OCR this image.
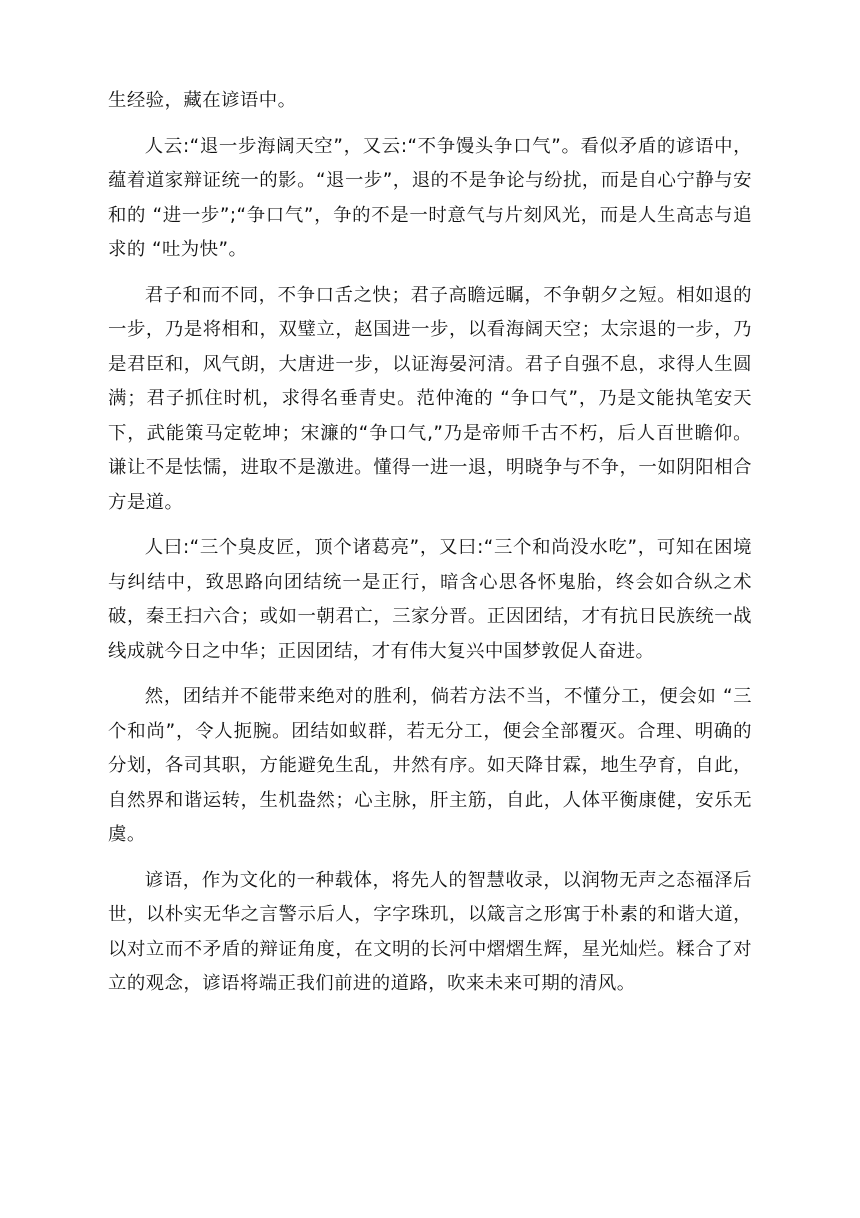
生经验，藏在谚语中。

人云:“退一步海阔天空”，又云:“不争馒头争口气”。看似矛盾的谚语中，蕴着道家辩证统一的影。“退一步”，退的不是争论与纷扰，而是自心宁静与安和的 “进一步”;“争口气”，争的不是一时意气与片刻风光，而是人生高志与追求的 “吐为快”。

君子和而不同，不争口舌之快；君子高瞻远瞩，不争朝夕之短。相如退的一步，乃是将相和，双璧立，赵国进一步，以看海阔天空；太宗退的一步，乃是君臣和，风气朗，大唐进一步，以证海晏河清。君子自强不息，求得人生圆满；君子抓住时机，求得名垂青史。范仲淹的 “争口气”，乃是文能执笔安天下，武能策马定乾坤；宋濂的“争口气,”乃是帝师千古不朽，后人百世瞻仰。谦让不是怯懦，进取不是激进。懂得一进一退，明晓争与不争，一如阴阳相合方是道。

人曰:“三个臭皮匠，顶个诸葛亮”，又曰:“三个和尚没水吃”，可知在困境与纠结中，致思路向团结统一是正行，暗含心思各怀鬼胎，终会如合纵之术破，秦王扫六合；或如一朝君亡，三家分晋。正因团结，才有抗日民族统一战线成就今日之中华；正因团结，才有伟大复兴中国梦敦促人奋进。

然，团结并不能带来绝对的胜利，倘若方法不当，不懂分工，便会如 “三个和尚”，令人扼腕。团结如蚁群，若无分工，便会全部覆灭。合理、明确的分划，各司其职，方能避免生乱，井然有序。如天降甘霖，地生孕育，自此，自然界和谐运转，生机盎然；心主脉，肝主筋，自此，人体平衡康健，安乐无虞。

谚语，作为文化的一种载体，将先人的智慧收录，以润物无声之态福泽后世，以朴实无华之言警示后人，字字珠玑，以箴言之形寓于朴素的和谐大道，以对立而不矛盾的辩证角度，在文明的长河中熠熠生辉，星光灿烂。糅合了对立的观念，谚语将端正我们前进的道路，吹来未来可期的清风。
